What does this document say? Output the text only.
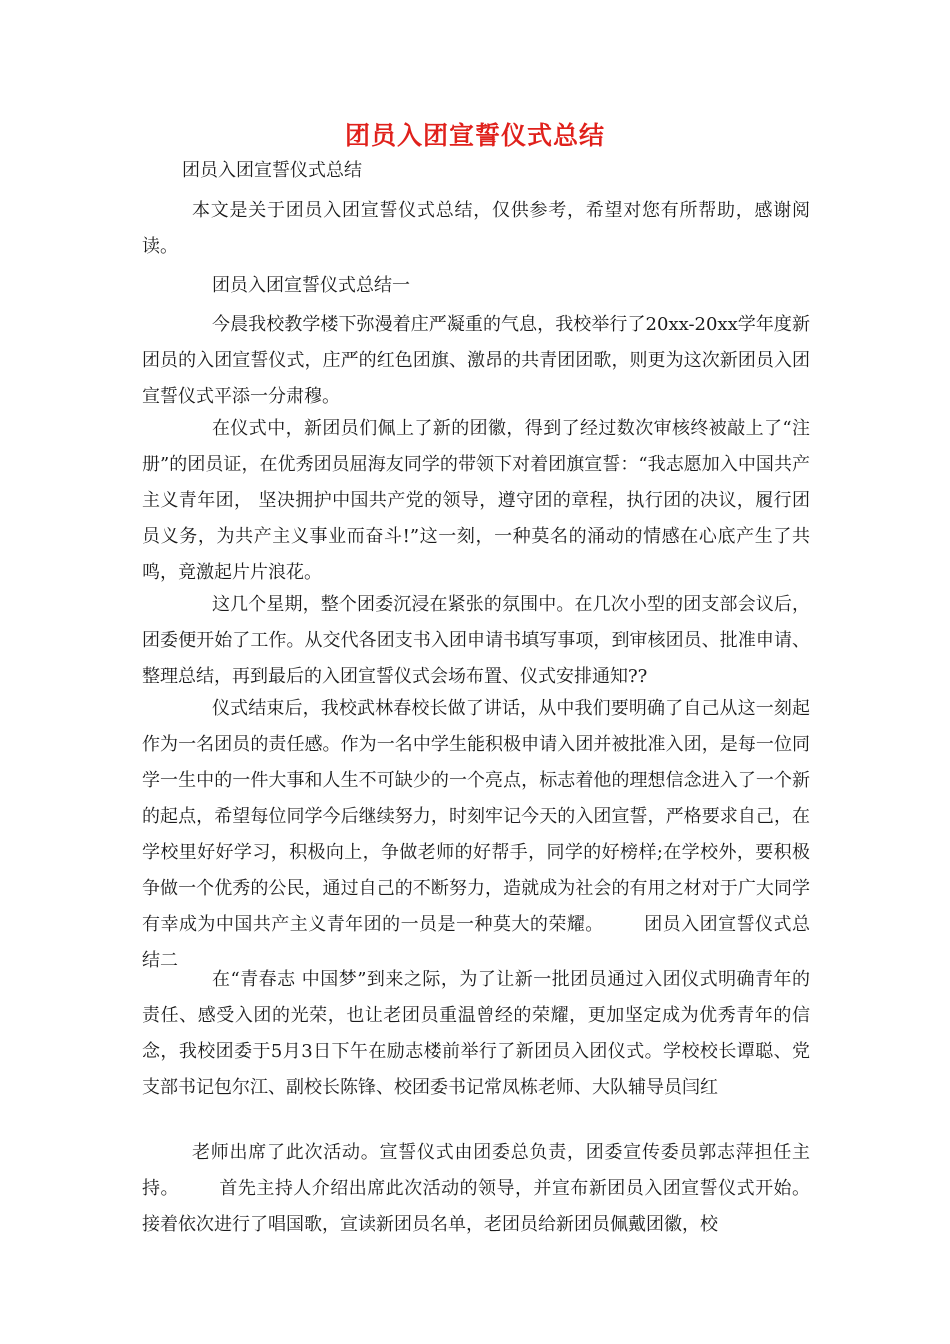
团员入团宣誓仪式总结

团员入团宣誓仪式总结

本文是关于团员入团宣誓仪式总结，仅供参考，希望对您有所帮助，感谢阅读。

团员入团宣誓仪式总结一

今晨我校教学楼下弥漫着庄严凝重的气息，我校举行了20xx-20xx学年度新团员的入团宣誓仪式，庄严的红色团旗、激昂的共青团团歌，则更为这次新团员入团宣誓仪式平添一分肃穆。

在仪式中，新团员们佩上了新的团徽，得到了经过数次审核终被敲上了“注册”的团员证，在优秀团员屈海友同学的带领下对着团旗宣誓：“我志愿加入中国共产主义青年团， 坚决拥护中国共产党的领导，遵守团的章程，执行团的决议，履行团员义务，为共产主义事业而奋斗!”这一刻，一种莫名的涌动的情感在心底产生了共鸣，竟激起片片浪花。

这几个星期，整个团委沉浸在紧张的氛围中。在几次小型的团支部会议后，团委便开始了工作。从交代各团支书入团申请书填写事项，到审核团员、批准申请、整理总结，再到最后的入团宣誓仪式会场布置、仪式安排通知??

仪式结束后，我校武林春校长做了讲话，从中我们要明确了自己从这一刻起作为一名团员的责任感。作为一名中学生能积极申请入团并被批准入团，是每一位同学一生中的一件大事和人生不可缺少的一个亮点，标志着他的理想信念进入了一个新的起点，希望每位同学今后继续努力，时刻牢记今天的入团宣誓，严格要求自己，在学校里好好学习，积极向上，争做老师的好帮手，同学的好榜样;在学校外，要积极争做一个优秀的公民，通过自己的不断努力，造就成为社会的有用之材对于广大同学有幸成为中国共产主义青年团的一员是一种莫大的荣耀。 团员入团宣誓仪式总结二

在“青春志 中国梦”到来之际，为了让新一批团员通过入团仪式明确青年的责任、感受入团的光荣，也让老团员重温曾经的荣耀，更加坚定成为优秀青年的信念，我校团委于5月3日下午在励志楼前举行了新团员入团仪式。学校校长谭聪、党支部书记包尔江、副校长陈锋、校团委书记常凤栋老师、大队辅导员闫红

老师出席了此次活动。宣誓仪式由团委总负责，团委宣传委员郭志萍担任主持。 首先主持人介绍出席此次活动的领导，并宣布新团员入团宣誓仪式开始。接着依次进行了唱国歌，宣读新团员名单，老团员给新团员佩戴团徽，校
